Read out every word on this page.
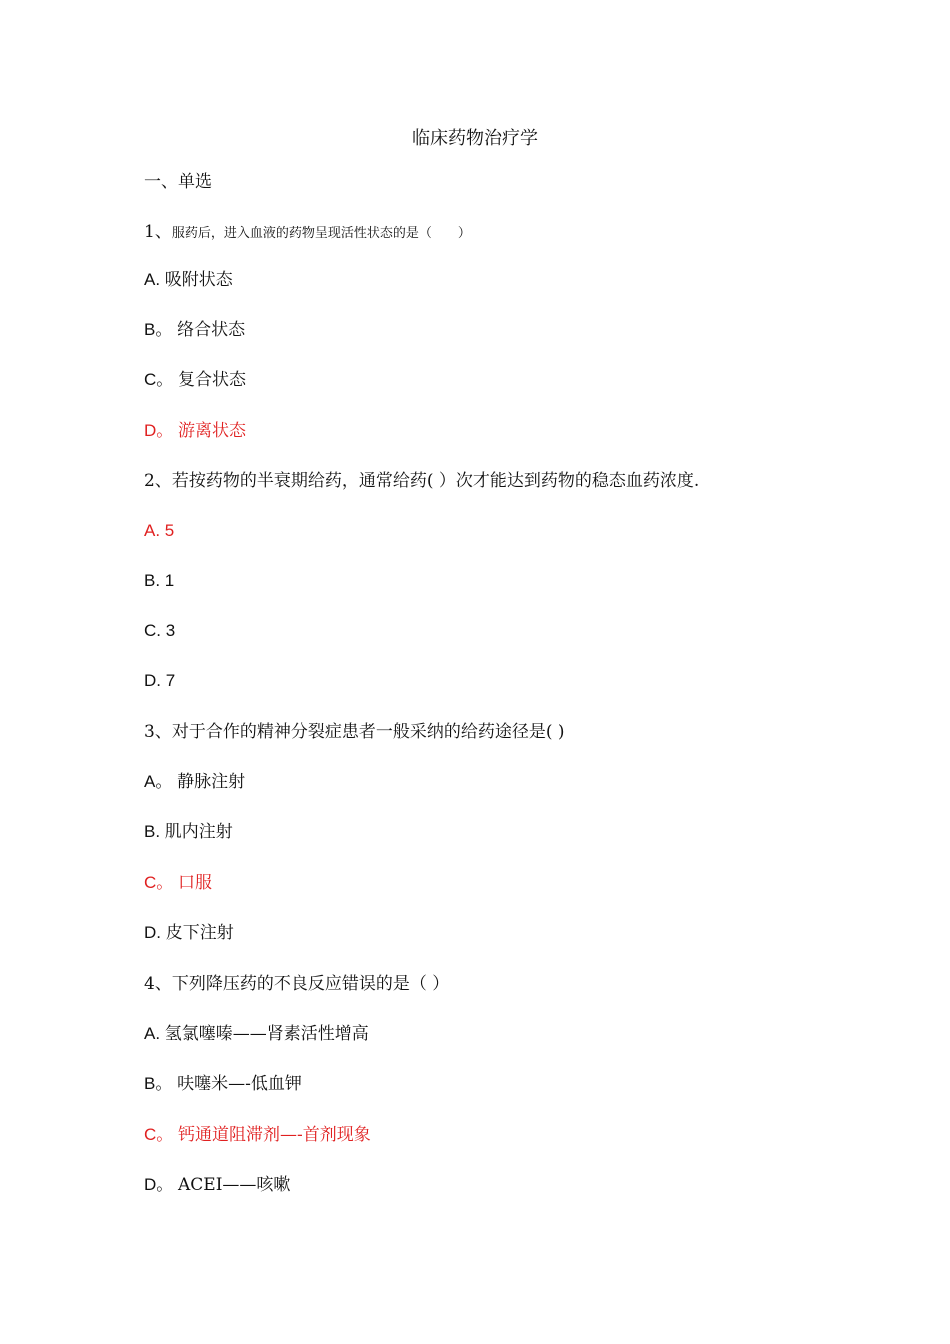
临床药物治疗学
一、单选
1、服药后，进入血液的药物呈现活性状态的是（　　）
A. 吸附状态
B。 络合状态
C。 复合状态
D。 游离状态
2、若按药物的半衰期给药，通常给药( ）次才能达到药物的稳态血药浓度.
A. 5
B. 1
C. 3
D. 7
3、对于合作的精神分裂症患者一般采纳的给药途径是( )
A。 静脉注射
B. 肌内注射
C。 口服
D. 皮下注射
4、下列降压药的不良反应错误的是（ ）
A. 氢氯噻嗪——肾素活性增高
B。 呋噻米—-低血钾
C。 钙通道阻滞剂—-首剂现象
D。 ACEI——咳嗽
